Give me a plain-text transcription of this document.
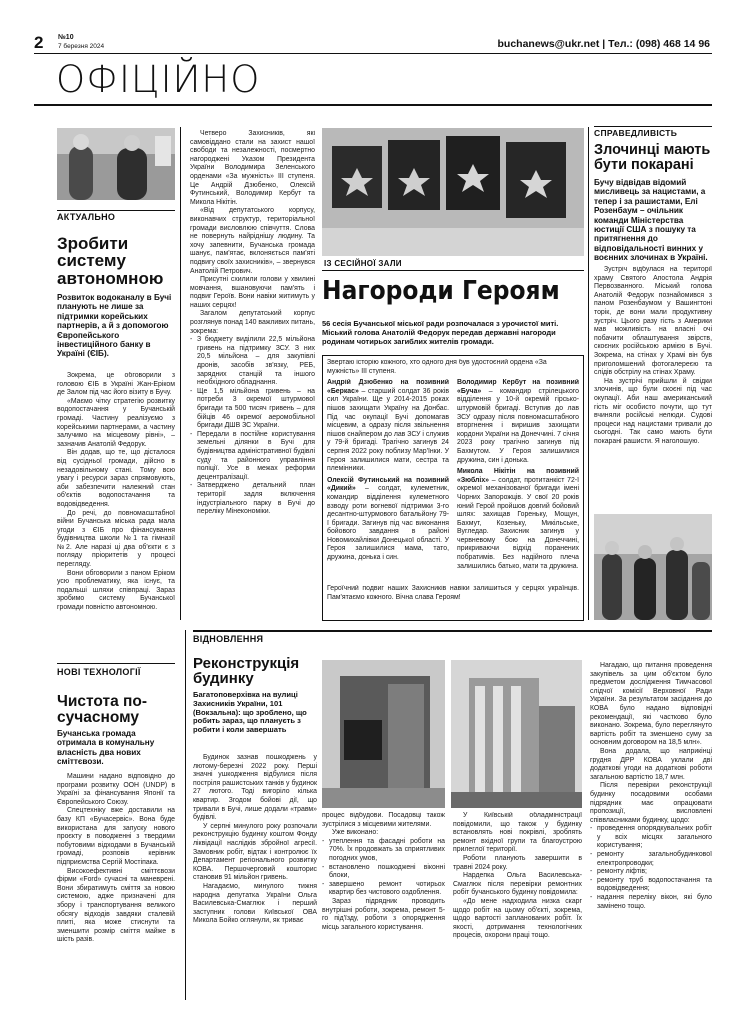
2 №10
7 березня 2024	buchanews@ukr.net | Тел.: (098) 468 14 96
ОФІЦІЙНО
АКТУАЛЬНО
Зробити системy автономною
Розвиток водоканалу в Бучі планують не лише за підтримки корейських партнерів, а й з допомогою Європейського інвестиційного банку в Україні (ЄІБ).

Зокрема, це обговорили з головою ЄІБ в Україні Жан-Еріком де Залом під час його візиту в Бучу.

«Маємо чітку стратегію розвитку водопостачання у Бучанській громаді. Частину реалізуємо з корейськими партнерами, а частину залучимо на місцевому рівні», – зазначив Анатолій Федорук.

Він додав, що те, що дісталося від сусідньої громади, дійсно в незадовільному стані. Тому всю увагу і ресурси зараз спрямовують, аби забезпечити належний стан об'єктів водопостачання та водовідведення.

До речі, до повномасштабної війни Бучанська міська рада мала угоди з ЄІБ про фінансування будівництва школи №1 та гімназії №2. Але наразі ці два об'єкти є з погляду пріоритетів у процесі перегляду.

Вони обговорили з паном Еріком усю проблематику, яка існує, та подальші шляхи співпраці. Зараз зробимо систему Бучанської громади повністю автономною.

НОВІ ТЕХНОЛОГІЇ
Чистота по-сучасному
Бучанська громада отримала в комунальну власність два нових сміттєвози.

Машини надано відповідно до програми розвитку ООН (UNDP) в Україні за фінансування Японії та Європейського Союзу.

Спецтехніку вже доставили на базу КП «Бучасервіс». Вона буде використана для запуску нового проєкту в поводженні з твердими побутовими відходами в Бучанській громаді, розповів керівник підприємства Сергій Мостіпака.

Високоефективні сміттєвози фірми «Ford» сучасні та маневрені. Вони збиратимуть сміття за новою системою, адже призначені для збору і транспортування великого обсягу відходів завдяки сталевій плиті, яка може стиснути та зменшити розмір сміття майже в шість разів.

Четверо Захисників, які самовіддано стали на захист нашої свободи та незалежності, посмертно нагороджені Указом Президента України Володимира Зеленського орденами «За мужність» ІІІ ступеня. Це Андрій Дзюбенко, Олексій Футинський, Володимир Кербут та Микола Нікітін.

«Від депутатського корпусу, виконавчих структур, територіальної громади висловлюю співчуття. Слова не повернуть найріднішу людину. Та хочу запевнити, Бучанська громада шанує, пам'ятає, вклоняється пам'яті подвигу своїх захисників», – звернувся Анатолій Петрович.

Присутні схилили голови у хвилині мовчання, вшановуючи пам'ять і подвиг Героїв. Вони навіки житимуть у наших серцях!

Загалом депутатський корпус розглянув понад 140 важливих питань, зокрема:

- З бюджету виділили 22,5 мільйона гривень на підтримку ЗСУ. З них 20,5 мільйона – для закупівлі дронів, засобів зв'язку, РЕБ, зарядних станцій та іншого необхідного обладнання.
- Ще 1,5 мільйона гривень – на потреби 3 окремої штурмової бригади та 500 тисяч гривень – для бійців 46 окремої аеромобільної бригади ДШВ ЗС України.
- Передали в постійне користування земельні ділянки в Бучі для будівництва адміністративної будівлі суду та районного управління поліції. Усе в межах реформи децентралізації.
- Затверджено детальний план території задля включення індустріального парку в Бучі до переліку Мінекономіки.
ІЗ СЕСІЙНОЇ ЗАЛИ
Нагороди Героям
56 сесія Бучанської міської ради розпочалася з урочистої миті. Міський голова Анатолій Федорук передав державні нагороди родинам чотирьох загиблих жителів громади.
Звертаю історію кожного, хто одного дня був удостоєний ордена «За мужність» ІІІ ступеня.

Андрій Дзюбенко на позивний «Беркас» – старший солдат 36 років сил України. Ще у 2014-2015 роках пішов захищати Україну на Донбас. Під час окупації Бучі допомагав місцевим, а одразу після звільнення пішов снайпером до лав ЗСУ і служив у 79-й бригаді. Трагічно загинув 24 серпня 2022 року поблизу Мар'їнки. У Героя залишилися мати, сестра та племінники.

Олексій Футинський на позивний «Дикий» – солдат, кулеметник, командир відділення кулеметного взводу роти вогневої підтримки 3-го десантно-штурмового батальйону 79-ї бригади. Загинув під час виконання бойового завдання в районі Новомихайлівки Донецької області. У Героя залишилися мама, тато, дружина, донька і син.

Володимир Кербут на позивний «Буча» – командир стрілецького відділення у 10-й окремій гірсько-штурмовій бригаді. Вступив до лав ЗСУ одразу після повномасштабного вторгнення і виришив захищати кордони України на Донеччині. 7 січня 2023 року трагічно загинув під Бахмутом. У Героя залишилися дружина, син і донька.

Микола Нікітін на позивний «Зюбліх» – солдат, протитанкіст 72-ї окремої механізованої бригади імені Чорних Запорожців. У свої 20 років юний Герой пройшов довгий бойовий шлях: захищав Гореньку, Мощун, Бахмут, Козеньку, Микільське, Вугледар. Захисник загинув у червневому бою на Донеччині, прикриваючи відхід поранених побратимів. Без надійного плеча залишились батько, мати та дружина.

Героїчний подвиг наших Захисників навіки залишиться у серцях українців. Пам'ятаємо кожного. Вічна слава Героям!
СПРАВЕДЛИВІСТЬ
Злочинці мають бути покарані
Бучу відвідав відомий мисливець за нацистами, а тепер і за рашистами, Елі Розенбаум – очільник команди Міністерства юстиції США з пошуку та притягнення до відповідальності винних у воєнних злочинах в Україні.

Зустріч відбулася на території храму Святого Апостола Андрія Первозванного. Міський голова Анатолій Федорук познайомився з паном Розенбаумом у Вашингтоні торік, де вони мали продуктивну зустріч. Цього разу гість з Америки мав можливість на власні очі побачити облаштування звірств, скоєних російською армією в Бучі. Зокрема, на стінах у Храмі він був приголомшений фотогалереєю та слідів обстрілу на стінах Храму.

На зустрічі прийшли й свідки злочинів, що були скоєні під час окупації. Аби наш американський гість міг особисто почути, що тут вчиняли російські нелюди. Судові процеси над нацистами тривали до сьогодні. Так само мають бути покарані рашисти. Я наголошую.

ВІДНОВЛЕННЯ
Реконструкція будинку
Багатоповерхівка на вулиці Захисників України, 101 (Вокзальна): що зроблено, що робить зараз, що плануєть з робити і коли завершать

Будинок зазнав пошкоджень у лютому-березні 2022 року. Перші значні ушкодження відбулися після постріля рашистських танків у будинок 27 лютого. Тоді вигоріло кілька квартир. Згодом бойові дії, що тривали в Бучі, лише додали «травм» будівлі.

У серпні минулого року розпочали реконструкцію будинку коштом Фонду ліквідації наслідків збройної агресії. Замовник робіт, відтак і контролює їх Департамент регіонального розвитку КОВА. Першочерговий кошторис становив 91 мільйон гривень.

Нагадаємо, минулого тижня народна депутатка України Ольга Василевська-Смаглюк і перший заступник голови Київської ОВА Микола Бойко оглянули, як триває

процес відбудови. Посадовці також зустрілися з місцевими жителями.

Уже виконано:

- утеплення та фасадні роботи на 70%. Їх продовжать за сприятливих погодних умов,
- встановлено пошкоджені віконні блоки,
- завершено ремонт чотирьох квартир без чистового оздоблення.

Зараз підрядник проводить внутрішні роботи, зокрема, ремонт 5-го під'їзду, роботи з опорядження місць загального користування.

У Київській обладміністрації повідомили, що також у будинку встановлять нові покрівлі, зроблять ремонт вхідної групи та благоустрою прилеглої території.

Роботи планують завершити в травні 2024 року.

Нардепка Ольга Василевська-Смаглюк після перевірки ремонтних робіт бучанського будинку повідомила:

«До мене надходила низка скарг щодо робіт на цьому об'єкті, зокрема, щодо вартості запланованих робіт. Їх якості, дотримання технологічних процесів, охорони праці тощо.

Нагадаю, що питання проведення закупівель за цим об'єктом було предметом дослідження Тимчасової слідчої комісії Верховної Ради України. За результатом засідання до КОВА було надано відповідні рекомендації, які частково було виконано. Зокрема, було переглянуто вартість робіт та зменшено суму за основним договором на 18,5 млн».

Вона додала, що наприкінці грудня ДРР КОВА уклали дві додаткові угоди на додаткові роботи загальною вартістю 18,7 млн.

Після перевірки реконструкції будинку посадовими особами підрядник має опрацювати пропозиції, висловлені співвласниками будинку, щодо:

- проведення опорядкувальних робіт у всіх місцях загального користування;
- ремонту загальнобудинкової електропроводки;
- ремонту ліфтів;
- ремонту труб водопостачання та водовідведення;
- надання переліку вікон, які було замінено тощо.
